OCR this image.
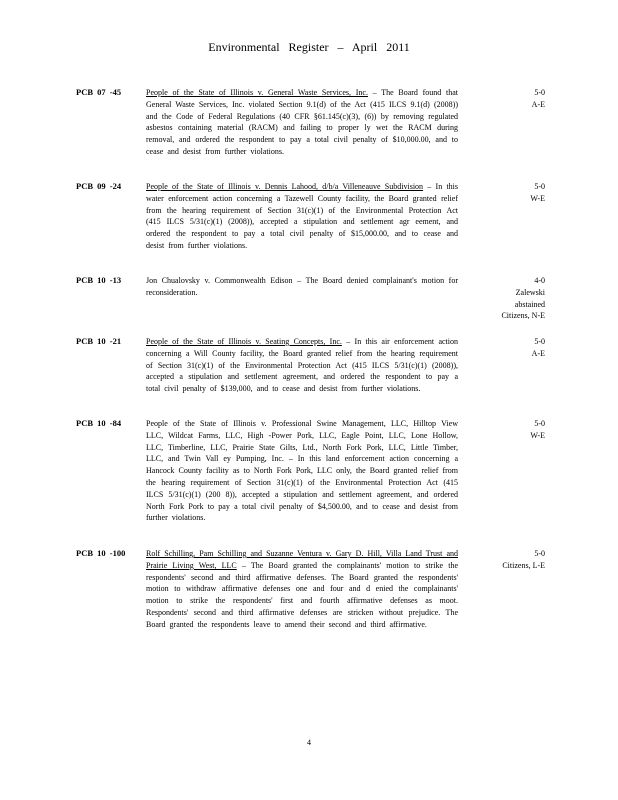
Environmental Register – April 2011
PCB 07 -45	People of the State of Illinois v. General Waste Services, Inc. – The Board found that General Waste Services, Inc. violated Section 9.1(d) of the Act (415 ILCS 9.1(d) (2008)) and the Code of Federal Regulations (40 CFR §61.145(c)(3), (6)) by removing regulated asbestos containing material (RACM) and failing to proper ly wet the RACM during removal, and ordered the respondent to pay a total civil penalty of $10,000.00, and to cease and desist from further violations.
5-0
A-E
PCB 09 -24	People of the State of Illinois v. Dennis Lahood, d/b/a Villeneauve Subdivision – In this water enforcement action concerning a Tazewell County facility, the Board granted relief from the hearing requirement of Section 31(c)(1) of the Environmental Protection Act (415 ILCS 5/31(c)(1) (2008)), accepted a stipulation and settlement agr eement, and ordered the respondent to pay a total civil penalty of $15,000.00, and to cease and desist from further violations.
5-0
W-E
PCB 10 -13	Jon Chualovsky v. Commonwealth Edison – The Board denied complainant's motion for reconsideration.
4-0
Zalewski
abstained
Citizens, N-E
PCB 10 -21	People of the State of Illinois v. Seating Concepts, Inc. – In this air enforcement action concerning a Will County facility, the Board granted relief from the hearing requirement of Section 31(c)(1) of the Environmental Protection Act (415 ILCS 5/31(c)(1) (2008)), accepted a stipulation and settlement agreement, and ordered the respondent to pay a total civil penalty of $139,000, and to cease and desist from further violations.
5-0
A-E
PCB 10 -84	People of the State of Illinois v. Professional Swine Management, LLC, Hilltop View LLC, Wildcat Farms, LLC, High -Power Pork, LLC, Eagle Point, LLC, Lone Hollow, LLC, Timberline, LLC, Prairie State Gilts, Ltd., North Fork Pork, LLC, Little Timber, LLC, and Twin Vall ey Pumping, Inc. – In this land enforcement action concerning a Hancock County facility as to North Fork Pork, LLC only, the Board granted relief from the hearing requirement of Section 31(c)(1) of the Environmental Protection Act (415 ILCS 5/31(c)(1) (200 8)), accepted a stipulation and settlement agreement, and ordered North Fork Pork to pay a total civil penalty of $4,500.00, and to cease and desist from further violations.
5-0
W-E
PCB 10 -100	Rolf Schilling, Pam Schilling and Suzanne Ventura v. Gary D. Hill, Villa Land Trust and Prairie Living West, LLC – The Board granted the complainants' motion to strike the respondents' second and third affirmative defenses. The Board granted the respondents' motion to withdraw affirmative defenses one and four and d enied the complainants' motion to strike the respondents' first and fourth affirmative defenses as moot. Respondents' second and third affirmative defenses are stricken without prejudice. The Board granted the respondents leave to amend their second and third affirmative.
5-0
Citizens, L-E
4
